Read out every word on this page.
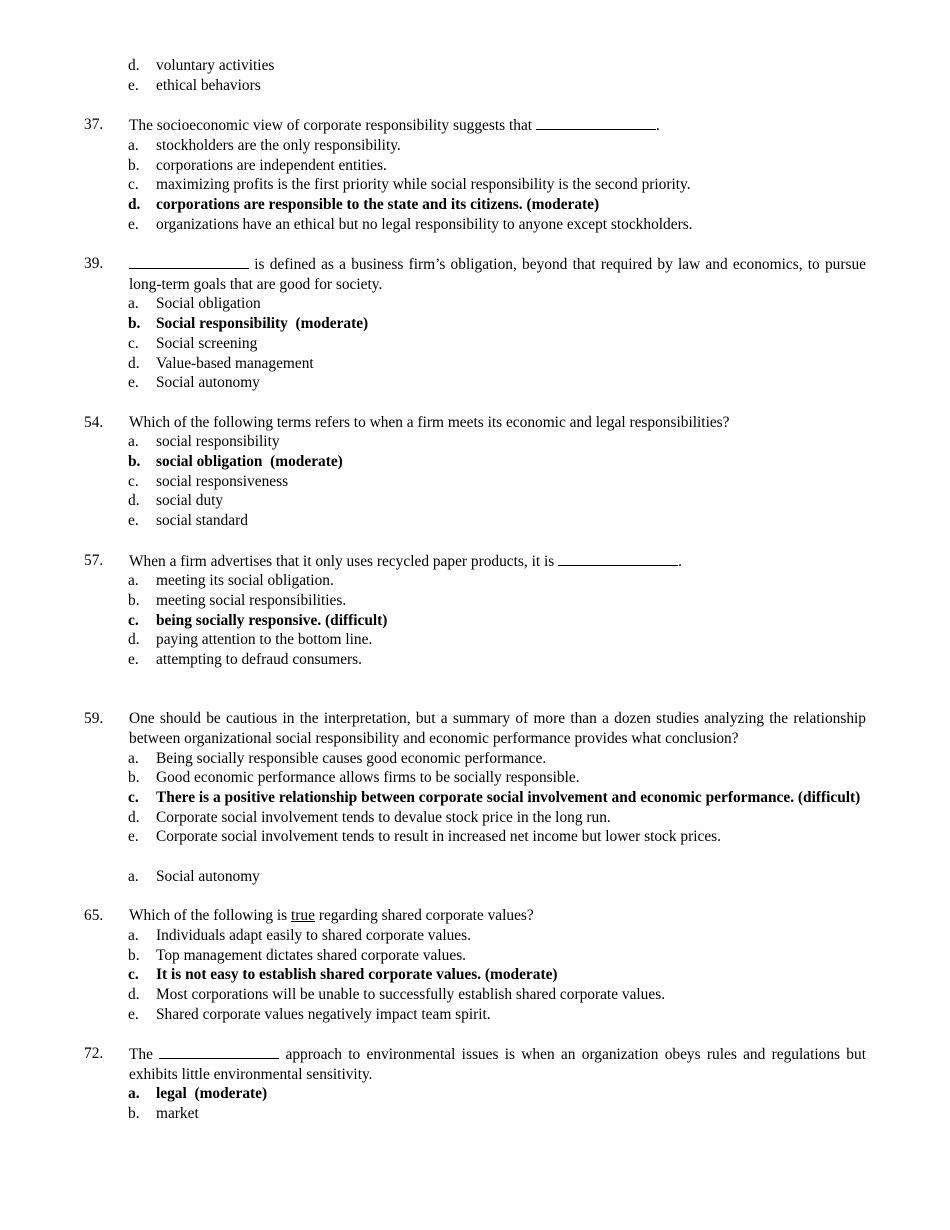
d.	voluntary activities
e.	ethical behaviors
37.	The socioeconomic view of corporate responsibility suggests that	.
a.	stockholders are the only responsibility.
b.	corporations are independent entities.
c.	maximizing profits is the first priority while social responsibility is the second priority.
d.	corporations are responsible to the state and its citizens. (moderate)
e.	organizations have an ethical but no legal responsibility to anyone except stockholders.
39.	is defined as a business firm’s obligation, beyond that required by law and economics, to pursue long-term goals that are good for society.
a.	Social obligation
b.	Social responsibility  (moderate)
c.	Social screening
d.	Value-based management
e.	Social autonomy
54.	Which of the following terms refers to when a firm meets its economic and legal responsibilities?
a.	social responsibility
b.	social obligation  (moderate)
c.	social responsiveness
d.	social duty
e.	social standard
57.	When a firm advertises that it only uses recycled paper products, it is	.
a.	meeting its social obligation.
b.	meeting social responsibilities.
c.	being socially responsive. (difficult)
d.	paying attention to the bottom line.
e.	attempting to defraud consumers.
59.	One should be cautious in the interpretation, but a summary of more than a dozen studies analyzing the relationship between organizational social responsibility and economic performance provides what conclusion?
a.	Being socially responsible causes good economic performance.
b.	Good economic performance allows firms to be socially responsible.
c.	There is a positive relationship between corporate social involvement and economic performance. (difficult)
d.	Corporate social involvement tends to devalue stock price in the long run.
e.	Corporate social involvement tends to result in increased net income but lower stock prices.
a.	Social autonomy
65.	Which of the following is true regarding shared corporate values?
a.	Individuals adapt easily to shared corporate values.
b.	Top management dictates shared corporate values.
c.	It is not easy to establish shared corporate values. (moderate)
d.	Most corporations will be unable to successfully establish shared corporate values.
e.	Shared corporate values negatively impact team spirit.
72.	The	approach to environmental issues is when an organization obeys rules and regulations but exhibits little environmental sensitivity.
a.	legal  (moderate)
b.	market
